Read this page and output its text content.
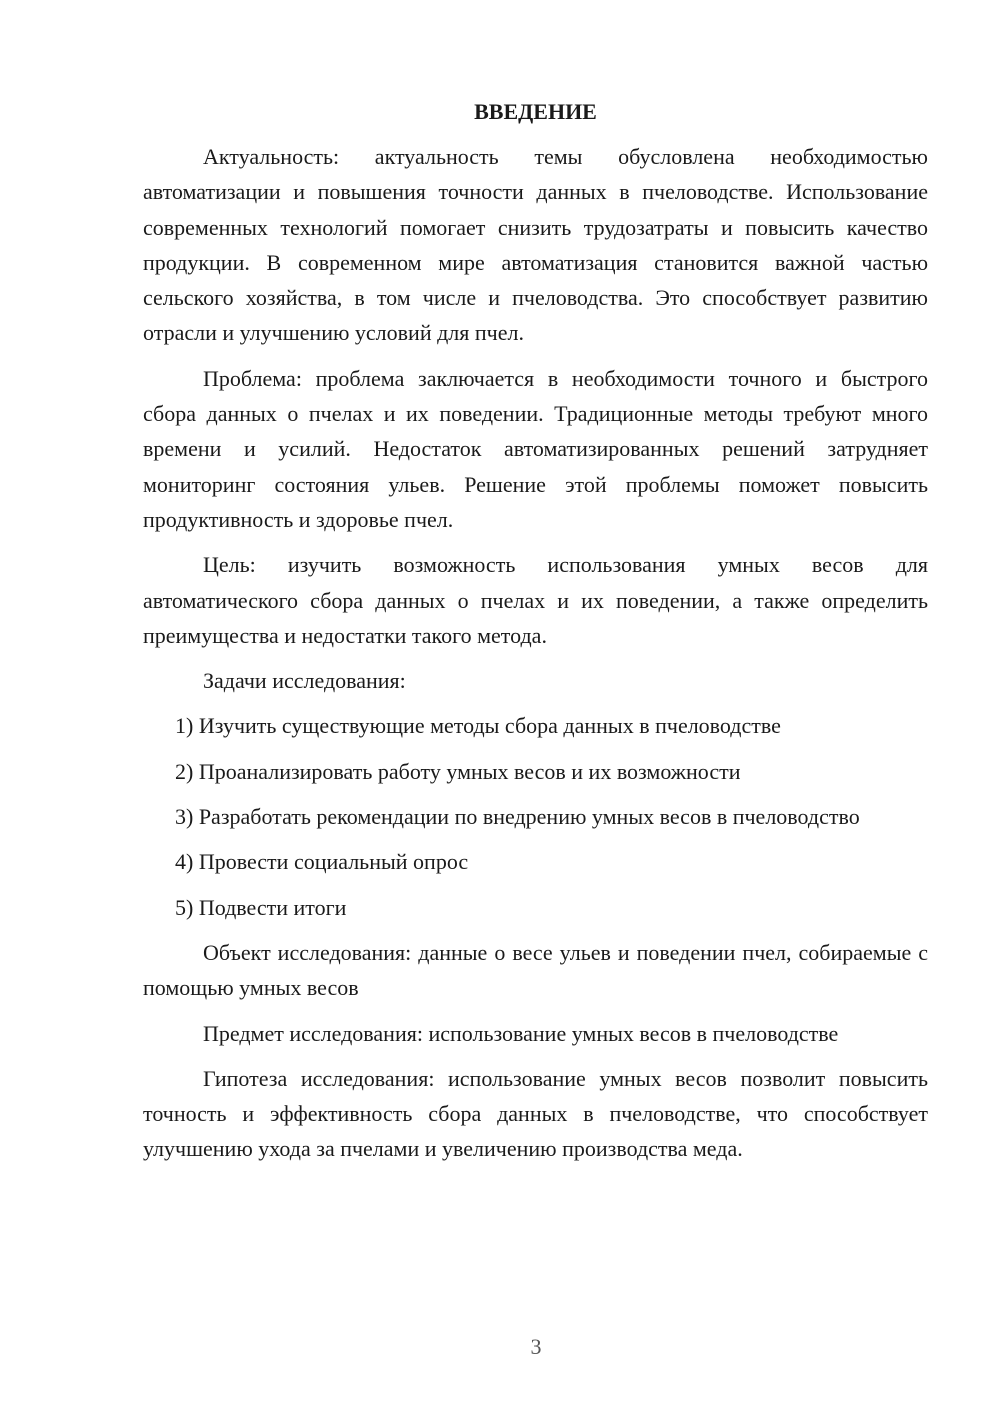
ВВЕДЕНИЕ

Актуальность: актуальность темы обусловлена необходимостью автоматизации и повышения точности данных в пчеловодстве. Использование современных технологий помогает снизить трудозатраты и повысить качество продукции. В современном мире автоматизация становится важной частью сельского хозяйства, в том числе и пчеловодства. Это способствует развитию отрасли и улучшению условий для пчел.

Проблема: проблема заключается в необходимости точного и быстрого сбора данных о пчелах и их поведении. Традиционные методы требуют много времени и усилий. Недостаток автоматизированных решений затрудняет мониторинг состояния ульев. Решение этой проблемы поможет повысить продуктивность и здоровье пчел.

Цель: изучить возможность использования умных весов для автоматического сбора данных о пчелах и их поведении, а также определить преимущества и недостатки такого метода.

Задачи исследования:

1) Изучить существующие методы сбора данных в пчеловодстве

2) Проанализировать работу умных весов и их возможности

3) Разработать рекомендации по внедрению умных весов в пчеловодство

4) Провести социальный опрос

5) Подвести итоги

Объект исследования: данные о весе ульев и поведении пчел, собираемые с помощью умных весов

Предмет исследования: использование умных весов в пчеловодстве

Гипотеза исследования: использование умных весов позволит повысить точность и эффективность сбора данных в пчеловодстве, что способствует улучшению ухода за пчелами и увеличению производства меда.

3
